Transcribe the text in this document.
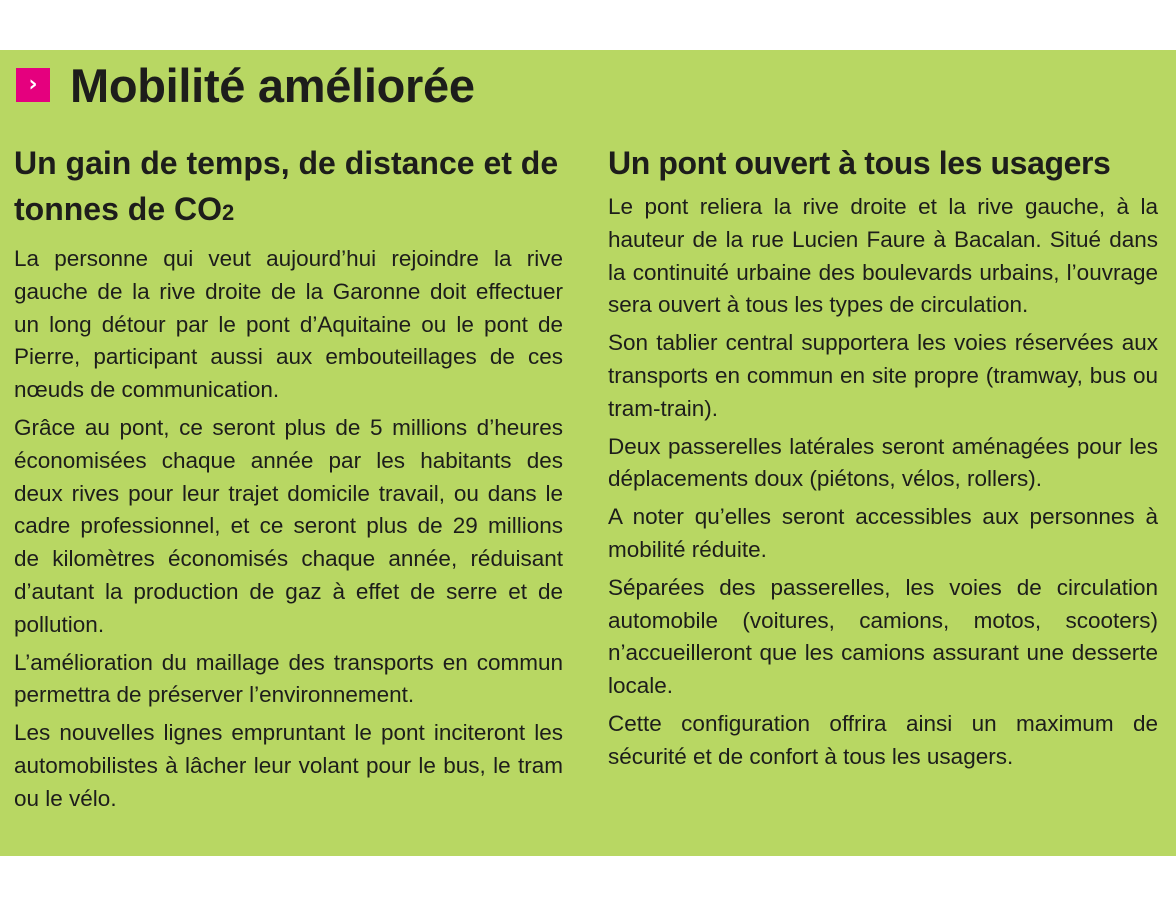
› Mobilité améliorée
Un gain de temps, de distance et de tonnes de CO2

La personne qui veut aujourd’hui rejoindre la rive gauche de la rive droite de la Garonne doit effectuer un long détour par le pont d’Aquitaine ou le pont de Pierre, participant aussi aux embouteillages de ces nœuds de communication.

Grâce au pont, ce seront plus de 5 millions d’heures économisées chaque année par les habitants des deux rives pour leur trajet domicile travail, ou dans le cadre professionnel, et ce seront plus de 29 millions de kilomètres économisés chaque année, réduisant d’autant la production de gaz à effet de serre et de pollution.

L’amélioration du maillage des transports en commun permettra de préserver l’environnement.

Les nouvelles lignes empruntant le pont inciteront les automobilistes à lâcher leur volant pour le bus, le tram ou le vélo.

Un pont ouvert à tous les usagers

Le pont reliera la rive droite et la rive gauche, à la hauteur de la rue Lucien Faure à Bacalan. Situé dans la continuité urbaine des boulevards urbains, l’ouvrage sera ouvert à tous les types de circulation.

Son tablier central supportera les voies réservées aux transports en commun en site propre (tramway, bus ou tram-train).

Deux passerelles latérales seront aménagées pour les déplacements doux (piétons, vélos, rollers).

A noter qu’elles seront accessibles aux personnes à mobilité réduite.

Séparées des passerelles, les voies de circulation automobile (voitures, camions, motos, scooters) n’accueilleront que les camions assurant une desserte locale.

Cette configuration offrira ainsi un maximum de sécurité et de confort à tous les usagers.
